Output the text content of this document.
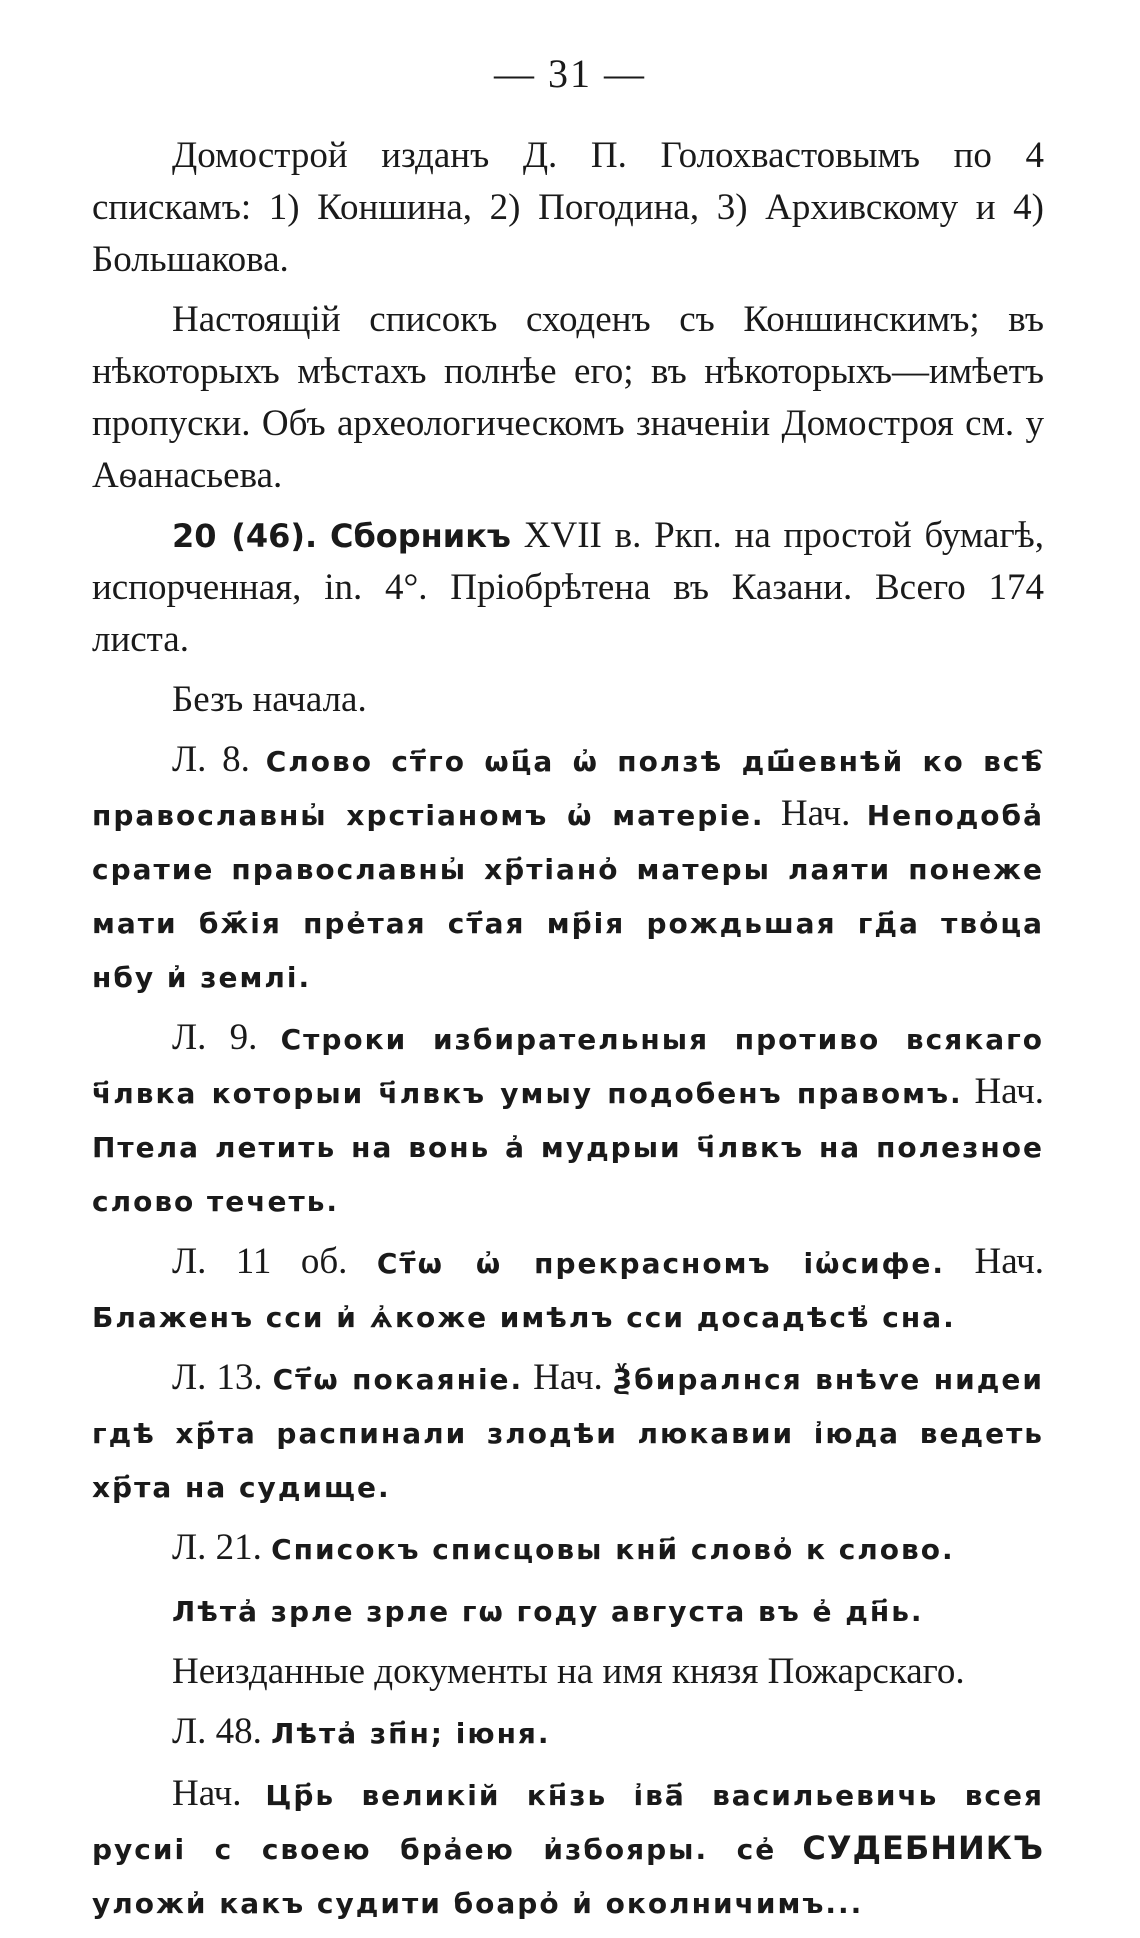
— 31 —

Домострой изданъ Д. П. Голохвастовымъ по 4 спискамъ: 1) Коншина, 2) Погодина, 3) Архивскому и 4) Большакова.

Настоящій списокъ сходенъ съ Коншинскимъ; въ нѣкоторыхъ мѣстахъ полнѣе его; въ нѣкоторыхъ—имѣетъ пропуски. Объ археологическомъ значеніи Домостроя см. у Аѳанасьева.

20 (46). Сборникъ XVII в. Ркп. на простой бумагѣ, испорченная, in. 4°. Пріобрѣтена въ Казани. Всего 174 листа.

Безъ начала.

Л. 8. Слово ст҃го ѡц҃а ѡ҆ ползѣ дш҃евнѣй ко всѣ҄ православны҆ хрстіаномъ ѡ҆ матеріе. Нач. Неподоба҆ сратие православны҆ хр҃тіано҆ матеры лаяти понеже мати бж҃ія пре҆тая ст҃ая мр҃ія рождьшая гд҃а тво҆ца нбу и҆ землі.

Л. 9. Строки избирательныя противо всякаго ч҃лвка которыи ч҃лвкъ умыу подобенъ правомъ. Нач. Птела летить на вонь а҆ мудрыи ч҃лвкъ на полезное слово течеть.

Л. 11 об. Ст҃ѡ ѡ҆ прекрасномъ іѡ҆сифе. Нач. Блаженъ сси и҆ ѧ҆коже имѣлъ сси досадѣсѣ҆ сна.

Л. 13. Ст҃ѡ покаяніе. Нач. Ѯбиралнся внѣѵе нидеи гдѣ хр҃та распинали злодѣи люкавии і҆юда ведеть хр҃та на судище.

Л. 21. Списокъ списцовы кни҃ слово҆ к слово.

Лѣта҆ зрле зрле гѡ году августа въ е҆ дн҃ь.

Неизданные документы на имя князя Пожарскаго.

Л. 48. Лѣта҆ зп҃н; іюня.

Нач. Цр҃ь великій кн҃зь і҆ва҃ васильевичь всея русиі с своею бра҆ею и҆збояры. се҆ СУДЕБНИКЪ уложи҆ какъ судити боаро҆ и҆ околничимъ...
